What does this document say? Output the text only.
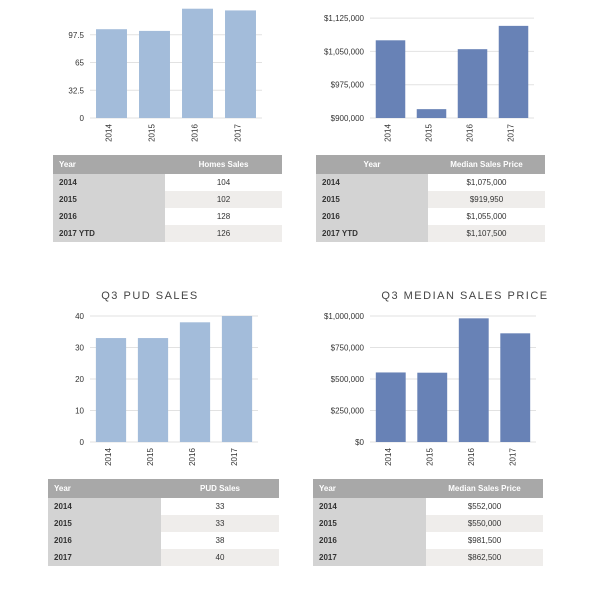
0
32.5
65
97.5
2014	2015	2016	2017
Year	Homes Sales
2014	104
2015	102
2016	128
2017 YTD	126
$900,000
$975,000
$1,050,000
$1,125,000
2014	2015	2016	2017
Year	Median Sales Price
2014	$1,075,000
2015	$919,950
2016	$1,055,000
2017 YTD	$1,107,500
Q3 PUD SALES
0
10
20
30
40
2014	2015	2016	2017
Year	PUD Sales
2014	33
2015	33
2016	38
2017	40
Q3 MEDIAN SALES PRICE
$0
$250,000
$500,000
$750,000
$1,000,000
2014	2015	2016	2017
Year	Median Sales Price
2014	$552,000
2015	$550,000
2016	$981,500
2017	$862,500
